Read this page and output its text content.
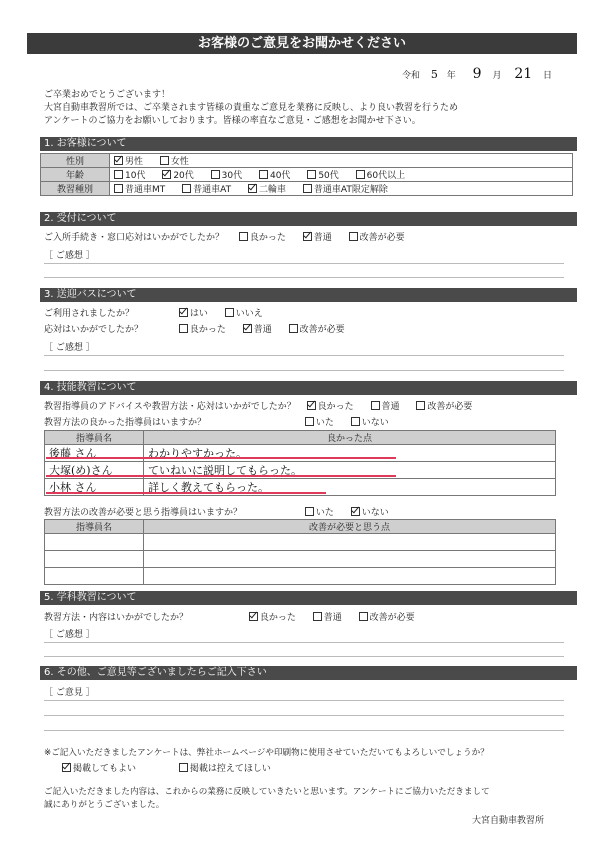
お客様のご意見をお聞かせください
令和 5 年 9 月 21 日
ご卒業おめでとうございます！
大宮自動車教習所では、ご卒業されます皆様の貴重なご意見を業務に反映し、より良い教習を行うため
アンケートのご協力をお願いしております。皆様の率直なご意見・ご感想をお聞かせ下さい。
1. お客様について
性別	男性 女性
年齢	10代 20代 30代 40代 50代 60代以上
教習種別	普通車MT 普通車AT 二輪車 普通車AT限定解除
2. 受付について
ご入所手続き・窓口応対はいかがでしたか？	良かった	普通	改善が必要
［ ご感想 ］
3. 送迎バスについて
ご利用されましたか？	はい	いいえ
応対はいかがでしたか？	良かった	普通	改善が必要
［ ご感想 ］
4. 技能教習について
教習指導員のアドバイスや教習方法・応対はいかがでしたか？ 良かった	普通	改善が必要
教習方法の良かった指導員はいますか？	いた	いない
指導員名	良かった点
後藤 さん	わかりやすかった。
大塚(め)さん	ていねいに説明してもらった。
小林 さん	詳しく教えてもらった。
教習方法の改善が必要と思う指導員はいますか？	いた	いない
指導員名	改善が必要と思う点

5. 学科教習について
教習方法・内容はいかがでしたか？	良かった	普通	改善が必要
［ ご感想 ］
6. その他、ご意見等ございましたらご記入下さい
［ ご意見 ］
※ご記入いただきましたアンケートは、弊社ホームページや印刷物に使用させていただいてもよろしいでしょうか？
掲載してもよい	掲載は控えてほしい
ご記入いただきました内容は、これからの業務に反映していきたいと思います。アンケートにご協力いただきまして
誠にありがとうございました。
大宮自動車教習所
